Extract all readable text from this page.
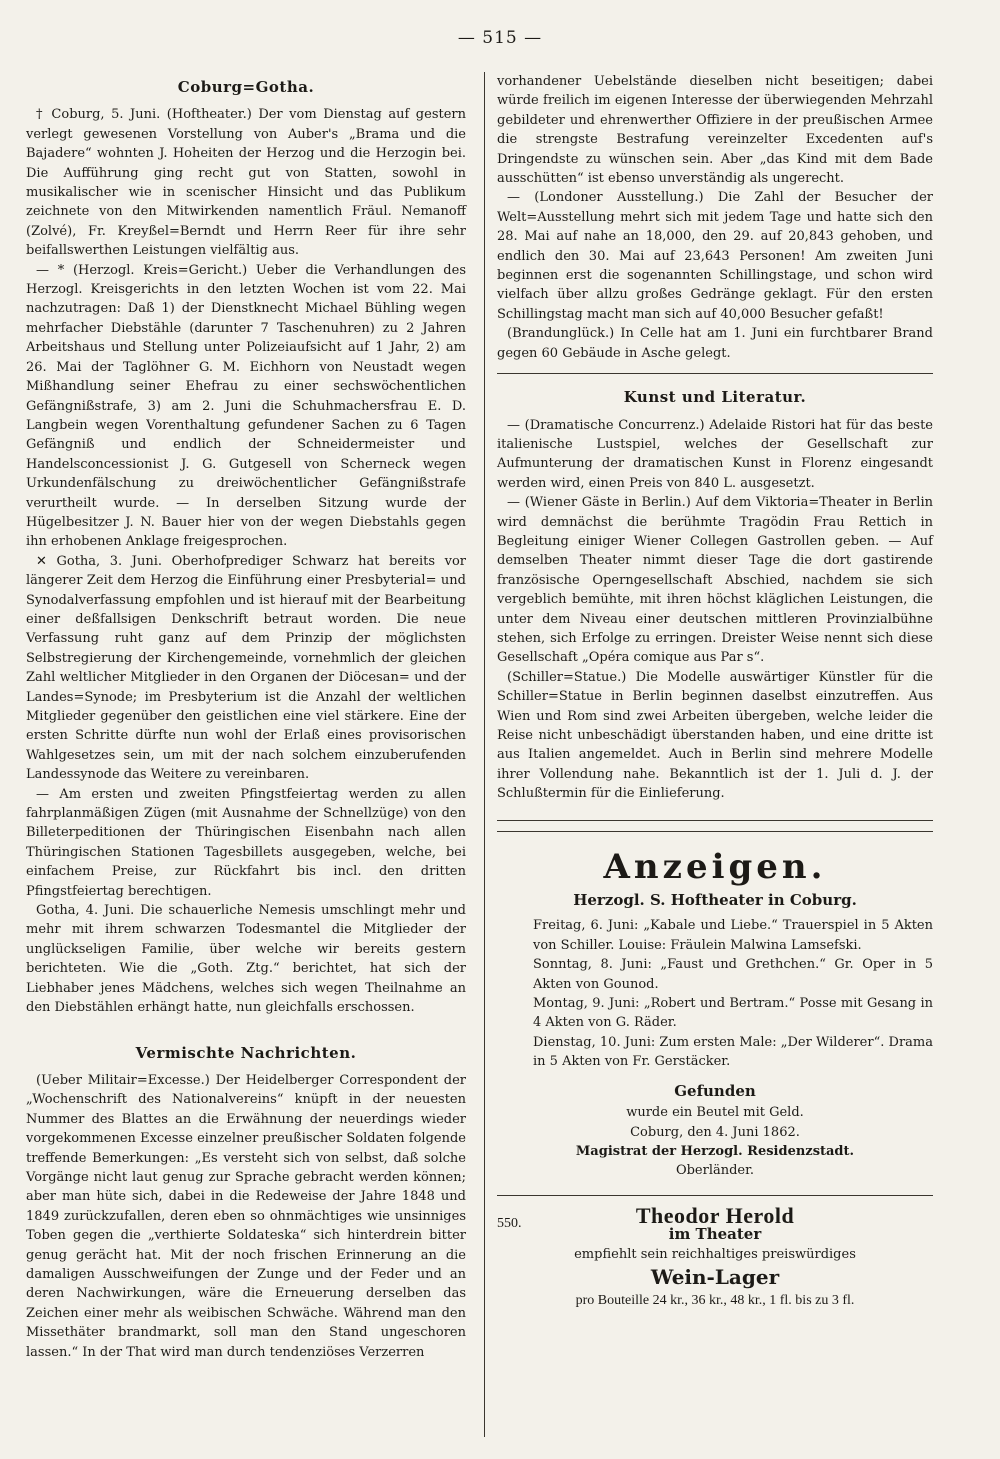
— 515 —
Coburg=Gotha.

† Coburg, 5. Juni. (Hoftheater.) Der vom Dienstag auf gestern verlegt gewesenen Vorstellung von Auber's „Brama und die Bajadere“ wohnten J. Hoheiten der Herzog und die Herzogin bei. Die Aufführung ging recht gut von Statten, sowohl in musikalischer wie in scenischer Hinsicht und das Publikum zeichnete von den Mitwirkenden namentlich Fräul. Nemanoff (Zolvé), Fr. Kreyßel=Berndt und Herrn Reer für ihre sehr beifallswerthen Leistungen vielfältig aus.

— * (Herzogl. Kreis=Gericht.) Ueber die Verhandlungen des Herzogl. Kreisgerichts in den letzten Wochen ist vom 22. Mai nachzutragen: Daß 1) der Dienstknecht Michael Bühling wegen mehrfacher Diebstähle (darunter 7 Taschenuhren) zu 2 Jahren Arbeitshaus und Stellung unter Polizeiaufsicht auf 1 Jahr, 2) am 26. Mai der Taglöhner G. M. Eichhorn von Neustadt wegen Mißhandlung seiner Ehefrau zu einer sechswöchentlichen Gefängnißstrafe, 3) am 2. Juni die Schuhmachersfrau E. D. Langbein wegen Vorenthaltung gefundener Sachen zu 6 Tagen Gefängniß und endlich der Schneidermeister und Handelsconcessionist J. G. Gutgesell von Scherneck wegen Urkundenfälschung zu dreiwöchentlicher Gefängnißstrafe verurtheilt wurde. — In derselben Sitzung wurde der Hügelbesitzer J. N. Bauer hier von der wegen Diebstahls gegen ihn erhobenen Anklage freigesprochen.

✕ Gotha, 3. Juni. Oberhofprediger Schwarz hat bereits vor längerer Zeit dem Herzog die Einführung einer Presbyterial= und Synodalverfassung empfohlen und ist hierauf mit der Bearbeitung einer deßfallsigen Denkschrift betraut worden. Die neue Verfassung ruht ganz auf dem Prinzip der möglichsten Selbstregierung der Kirchengemeinde, vornehmlich der gleichen Zahl weltlicher Mitglieder in den Organen der Diöcesan= und der Landes=Synode; im Presbyterium ist die Anzahl der weltlichen Mitglieder gegenüber den geistlichen eine viel stärkere. Eine der ersten Schritte dürfte nun wohl der Erlaß eines provisorischen Wahlgesetzes sein, um mit der nach solchem einzuberufenden Landessynode das Weitere zu vereinbaren.

— Am ersten und zweiten Pfingstfeiertag werden zu allen fahrplanmäßigen Zügen (mit Ausnahme der Schnellzüge) von den Billeterpeditionen der Thüringischen Eisenbahn nach allen Thüringischen Stationen Tagesbillets ausgegeben, welche, bei einfachem Preise, zur Rückfahrt bis incl. den dritten Pfingstfeiertag berechtigen.

Gotha, 4. Juni. Die schauerliche Nemesis umschlingt mehr und mehr mit ihrem schwarzen Todesmantel die Mitglieder der unglückseligen Familie, über welche wir bereits gestern berichteten. Wie die „Goth. Ztg.“ berichtet, hat sich der Liebhaber jenes Mädchens, welches sich wegen Theilnahme an den Diebstählen erhängt hatte, nun gleichfalls erschossen.

Vermischte Nachrichten.

(Ueber Militair=Excesse.) Der Heidelberger Correspondent der „Wochenschrift des Nationalvereins“ knüpft in der neuesten Nummer des Blattes an die Erwähnung der neuerdings wieder vorgekommenen Excesse einzelner preußischer Soldaten folgende treffende Bemerkungen: „Es versteht sich von selbst, daß solche Vorgänge nicht laut genug zur Sprache gebracht werden können; aber man hüte sich, dabei in die Redeweise der Jahre 1848 und 1849 zurückzufallen, deren eben so ohnmächtiges wie unsinniges Toben gegen die „verthierte Soldateska“ sich hinterdrein bitter genug gerächt hat. Mit der noch frischen Erinnerung an die damaligen Ausschweifungen der Zunge und der Feder und an deren Nachwirkungen, wäre die Erneuerung derselben das Zeichen einer mehr als weibischen Schwäche. Während man den Missethäter brandmarkt, soll man den Stand ungeschoren lassen.“ In der That wird man durch tendenziöses Verzerren

vorhandener Uebelstände dieselben nicht beseitigen; dabei würde freilich im eigenen Interesse der überwiegenden Mehrzahl gebildeter und ehrenwerther Offiziere in der preußischen Armee die strengste Bestrafung vereinzelter Excedenten auf's Dringendste zu wünschen sein. Aber „das Kind mit dem Bade ausschütten“ ist ebenso unverständig als ungerecht.

— (Londoner Ausstellung.) Die Zahl der Besucher der Welt=Ausstellung mehrt sich mit jedem Tage und hatte sich den 28. Mai auf nahe an 18,000, den 29. auf 20,843 gehoben, und endlich den 30. Mai auf 23,643 Personen! Am zweiten Juni beginnen erst die sogenannten Schillingstage, und schon wird vielfach über allzu großes Gedränge geklagt. Für den ersten Schillingstag macht man sich auf 40,000 Besucher gefaßt!

(Brandunglück.) In Celle hat am 1. Juni ein furchtbarer Brand gegen 60 Gebäude in Asche gelegt.

Kunst und Literatur.

— (Dramatische Concurrenz.) Adelaide Ristori hat für das beste italienische Lustspiel, welches der Gesellschaft zur Aufmunterung der dramatischen Kunst in Florenz eingesandt werden wird, einen Preis von 840 L. ausgesetzt.

— (Wiener Gäste in Berlin.) Auf dem Viktoria=Theater in Berlin wird demnächst die berühmte Tragödin Frau Rettich in Begleitung einiger Wiener Collegen Gastrollen geben. — Auf demselben Theater nimmt dieser Tage die dort gastirende französische Operngesellschaft Abschied, nachdem sie sich vergeblich bemühte, mit ihren höchst kläglichen Leistungen, die unter dem Niveau einer deutschen mittleren Provinzialbühne stehen, sich Erfolge zu erringen. Dreister Weise nennt sich diese Gesellschaft „Opéra comique aus Par s“.

(Schiller=Statue.) Die Modelle auswärtiger Künstler für die Schiller=Statue in Berlin beginnen daselbst einzutreffen. Aus Wien und Rom sind zwei Arbeiten übergeben, welche leider die Reise nicht unbeschädigt überstanden haben, und eine dritte ist aus Italien angemeldet. Auch in Berlin sind mehrere Modelle ihrer Vollendung nahe. Bekanntlich ist der 1. Juli d. J. der Schlußtermin für die Einlieferung.

Anzeigen.
Herzogl. S. Hoftheater in Coburg.

Freitag, 6. Juni: „Kabale und Liebe.“ Trauerspiel in 5 Akten von Schiller. Louise: Fräulein Malwina Lamsefski.

Sonntag, 8. Juni: „Faust und Grethchen.“ Gr. Oper in 5 Akten von Gounod.

Montag, 9. Juni: „Robert und Bertram.“ Posse mit Gesang in 4 Akten von G. Räder.

Dienstag, 10. Juni: Zum ersten Male: „Der Wilderer“. Drama in 5 Akten von Fr. Gerstäcker.

Gefunden

wurde ein Beutel mit Geld.

Coburg, den 4. Juni 1862.

Magistrat der Herzogl. Residenzstadt.

Oberländer.

550.	Theodor Herold

im Theater

empfiehlt sein reichhaltiges preiswürdiges

Wein-Lager
pro Bouteille 24 kr., 36 kr., 48 kr., 1 fl. bis zu 3 fl.
